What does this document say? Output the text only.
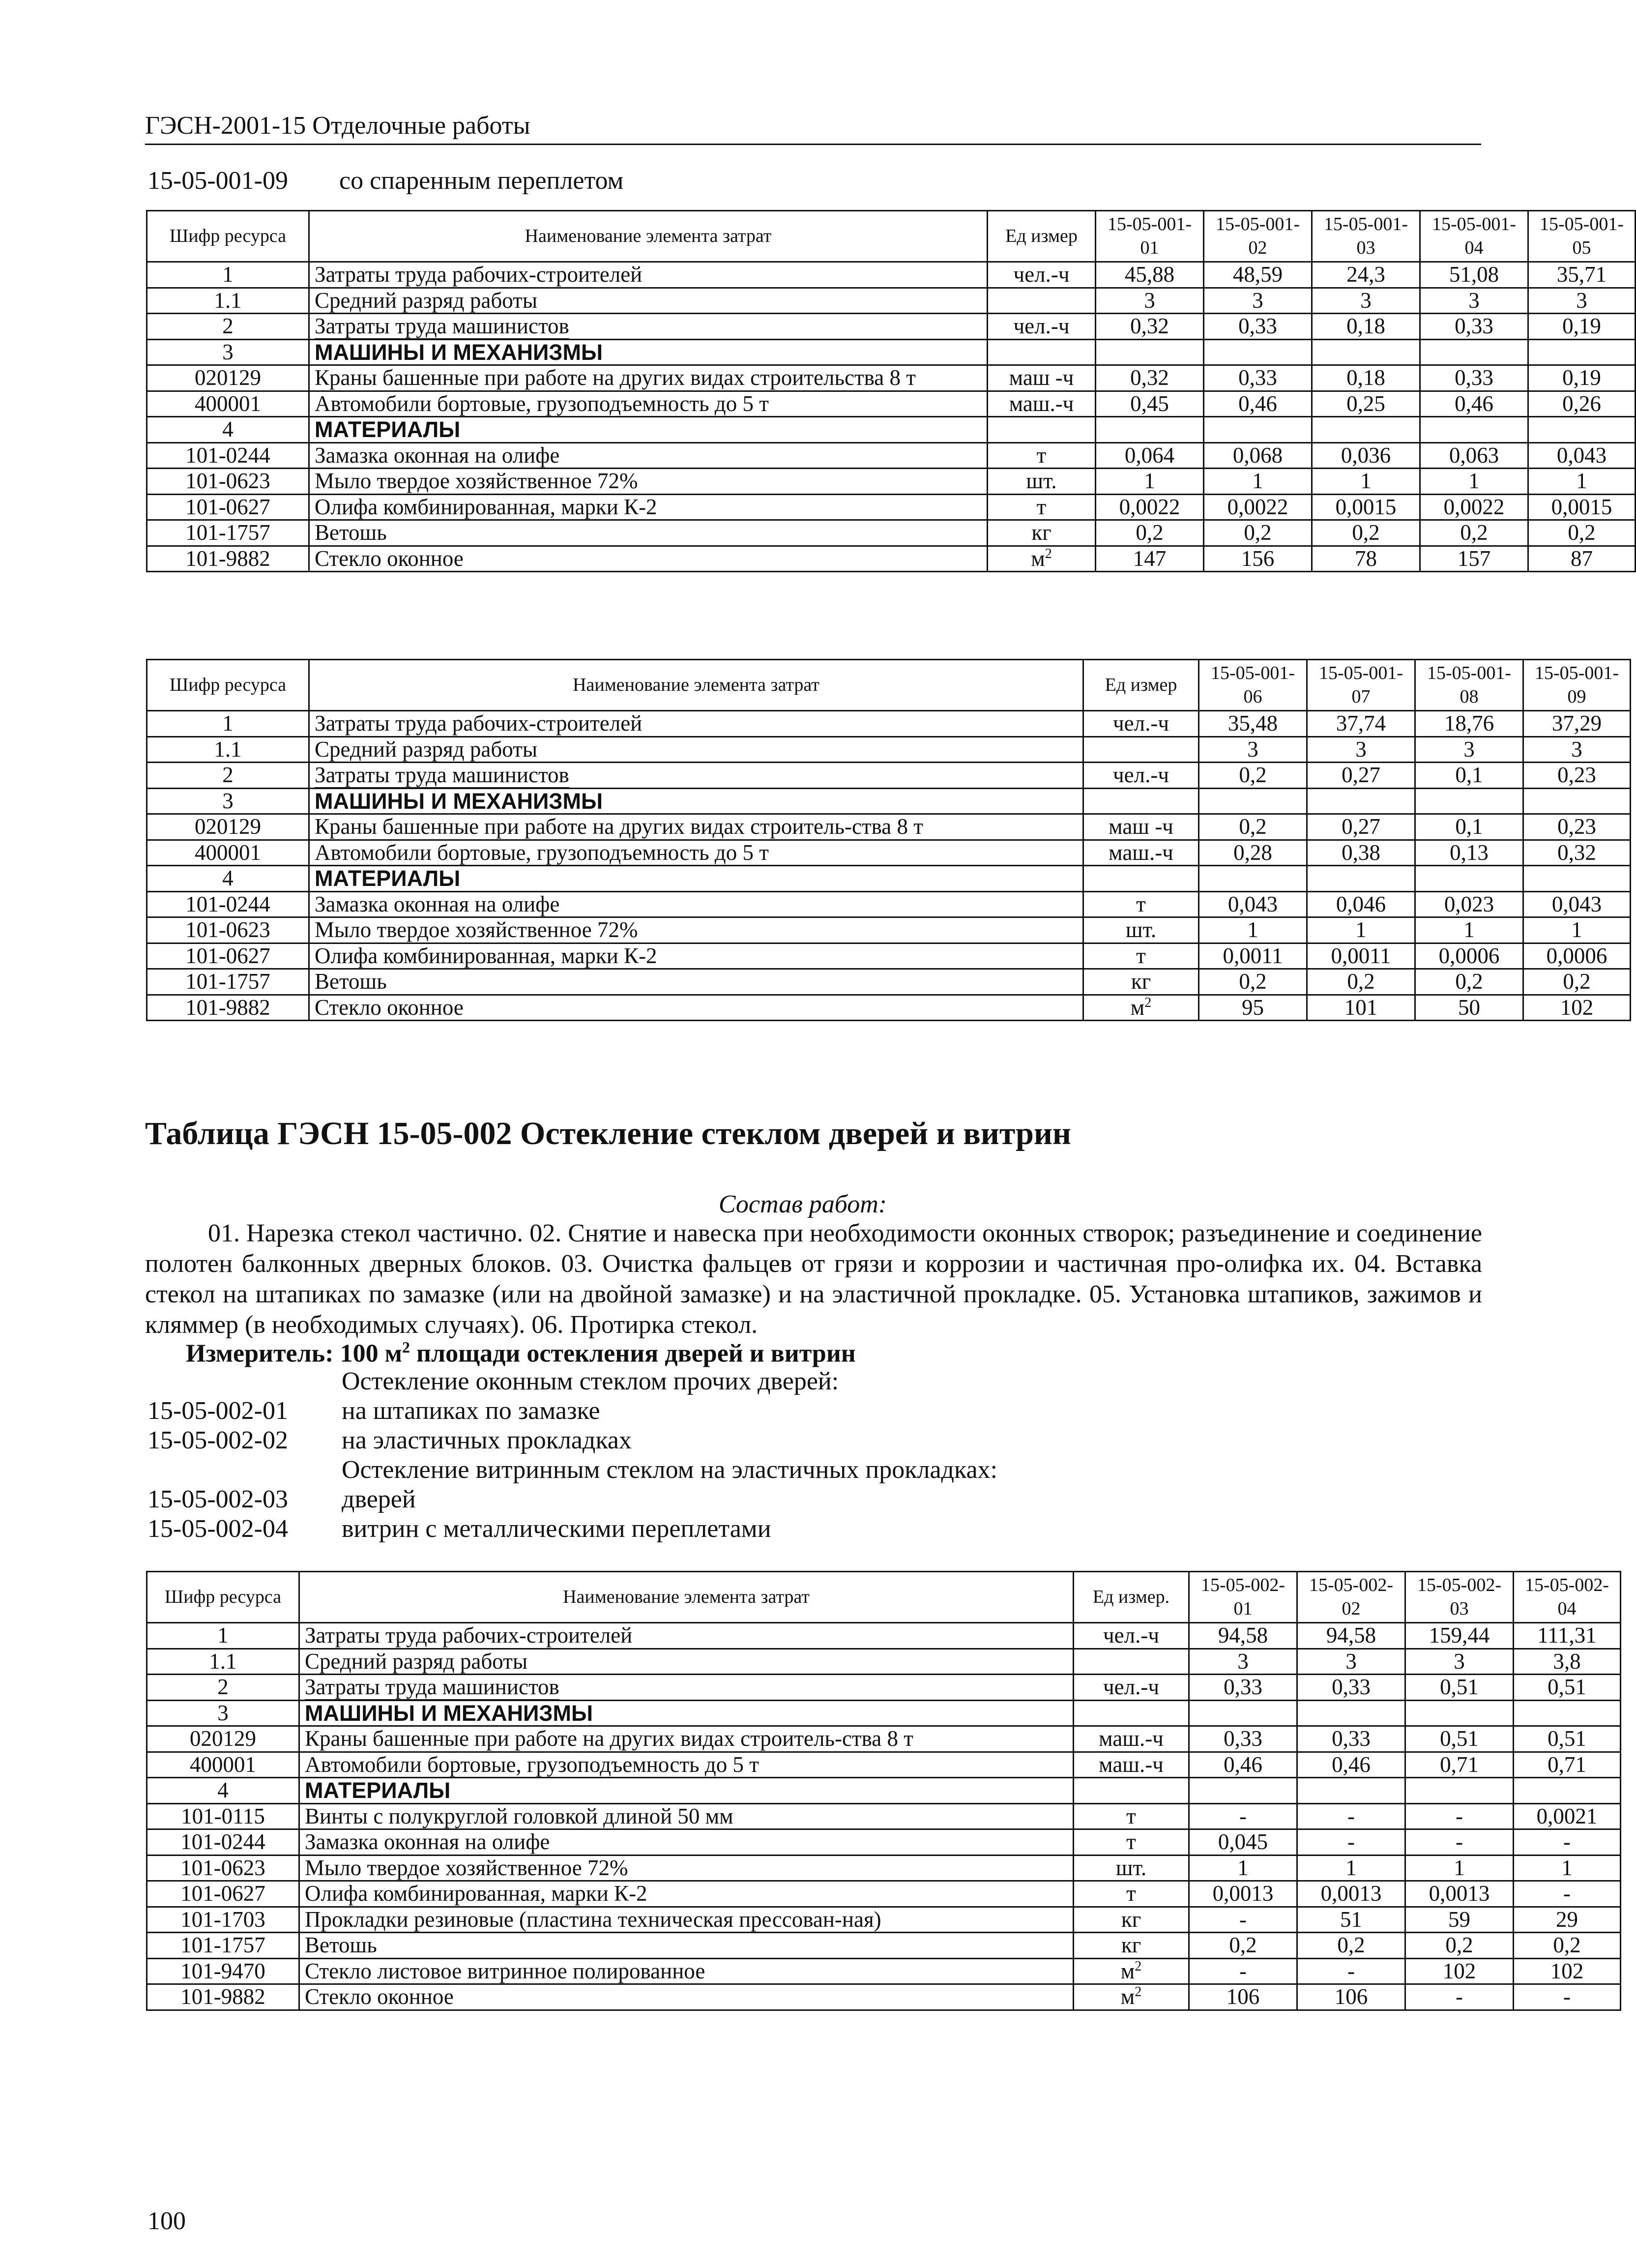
ГЭСН-2001-15 Отделочные работы
15-05-001-09 со спаренным переплетом
Шифр ресурса	Наименование элемента затрат	Ед измер	15-05-001-01	15-05-001-02	15-05-001-03	15-05-001-04	15-05-001-05
1	Затраты труда рабочих-строителей	чел.-ч	45,88	48,59	24,3	51,08	35,71
1.1	Средний разряд работы		3	3	3	3	3
2	Затраты труда машинистов	чел.-ч	0,32	0,33	0,18	0,33	0,19
3	МАШИНЫ И МЕХАНИЗМЫ						
020129	Краны башенные при работе на других видах строительства 8 т	маш -ч	0,32	0,33	0,18	0,33	0,19
400001	Автомобили бортовые, грузоподъемность до 5 т	маш.-ч	0,45	0,46	0,25	0,46	0,26
4	МАТЕРИАЛЫ						
101-0244	Замазка оконная на олифе	т	0,064	0,068	0,036	0,063	0,043
101-0623	Мыло твердое хозяйственное 72%	шт.	1	1	1	1	1
101-0627	Олифа комбинированная, марки К-2	т	0,0022	0,0022	0,0015	0,0022	0,0015
101-1757	Ветошь	кг	0,2	0,2	0,2	0,2	0,2
101-9882	Стекло оконное	$м^2$	147	156	78	157	87
Шифр ресурса	Наименование элемента затрат	Ед измер	15-05-001-06	15-05-001-07	15-05-001-08	15-05-001-09
1	Затраты труда рабочих-строителей	чел.-ч	35,48	37,74	18,76	37,29
1.1	Средний разряд работы		3	3	3	3
2	Затраты труда машинистов	чел.-ч	0,2	0,27	0,1	0,23
3	МАШИНЫ И МЕХАНИЗМЫ					
020129	Краны башенные при работе на других видах строитель-ства 8 т	маш -ч	0,2	0,27	0,1	0,23
400001	Автомобили бортовые, грузоподъемность до 5 т	маш.-ч	0,28	0,38	0,13	0,32
4	МАТЕРИАЛЫ					
101-0244	Замазка оконная на олифе	т	0,043	0,046	0,023	0,043
101-0623	Мыло твердое хозяйственное 72%	шт.	1	1	1	1
101-0627	Олифа комбинированная, марки К-2	т	0,0011	0,0011	0,0006	0,0006
101-1757	Ветошь	кг	0,2	0,2	0,2	0,2
101-9882	Стекло оконное	$м^2$	95	101	50	102
Таблица ГЭСН 15-05-002 Остекление стеклом дверей и витрин
Состав работ:

01. Нарезка стекол частично. 02. Снятие и навеска при необходимости оконных створок; разъединение и соединение полотен балконных дверных блоков. 03. Очистка фальцев от грязи и коррозии и частичная про-олифка их. 04. Вставка стекол на штапиках по замазке (или на двойной замазке) и на эластичной прокладке. 05. Установка штапиков, зажимов и кляммер (в необходимых случаях). 06. Протирка стекол.

Измеритель: 100 $м^2$ площади остекления дверей и витрин
Остекление оконным стеклом прочих дверей:
15-05-002-01 на штапиках по замазке
15-05-002-02 на эластичных прокладках
Остекление витринным стеклом на эластичных прокладках:
15-05-002-03 дверей
15-05-002-04 витрин с металлическими переплетами
Шифр ресурса	Наименование элемента затрат	Ед измер.	15-05-002-01	15-05-002-02	15-05-002-03	15-05-002-04
1	Затраты труда рабочих-строителей	чел.-ч	94,58	94,58	159,44	111,31
1.1	Средний разряд работы		3	3	3	3,8
2	Затраты труда машинистов	чел.-ч	0,33	0,33	0,51	0,51
3	МАШИНЫ И МЕХАНИЗМЫ					
020129	Краны башенные при работе на других видах строитель-ства 8 т	маш.-ч	0,33	0,33	0,51	0,51
400001	Автомобили бортовые, грузоподъемность до 5 т	маш.-ч	0,46	0,46	0,71	0,71
4	МАТЕРИАЛЫ					
101-0115	Винты с полукруглой головкой длиной 50 мм	т	-	-	-	0,0021
101-0244	Замазка оконная на олифе	т	0,045	-	-	-
101-0623	Мыло твердое хозяйственное 72%	шт.	1	1	1	1
101-0627	Олифа комбинированная, марки К-2	т	0,0013	0,0013	0,0013	-
101-1703	Прокладки резиновые (пластина техническая прессован-ная)	кг	-	51	59	29
101-1757	Ветошь	кг	0,2	0,2	0,2	0,2
101-9470	Стекло листовое витринное полированное	$м^2$	-	-	102	102
101-9882	Стекло оконное	$м^2$	106	106	-	-
100
